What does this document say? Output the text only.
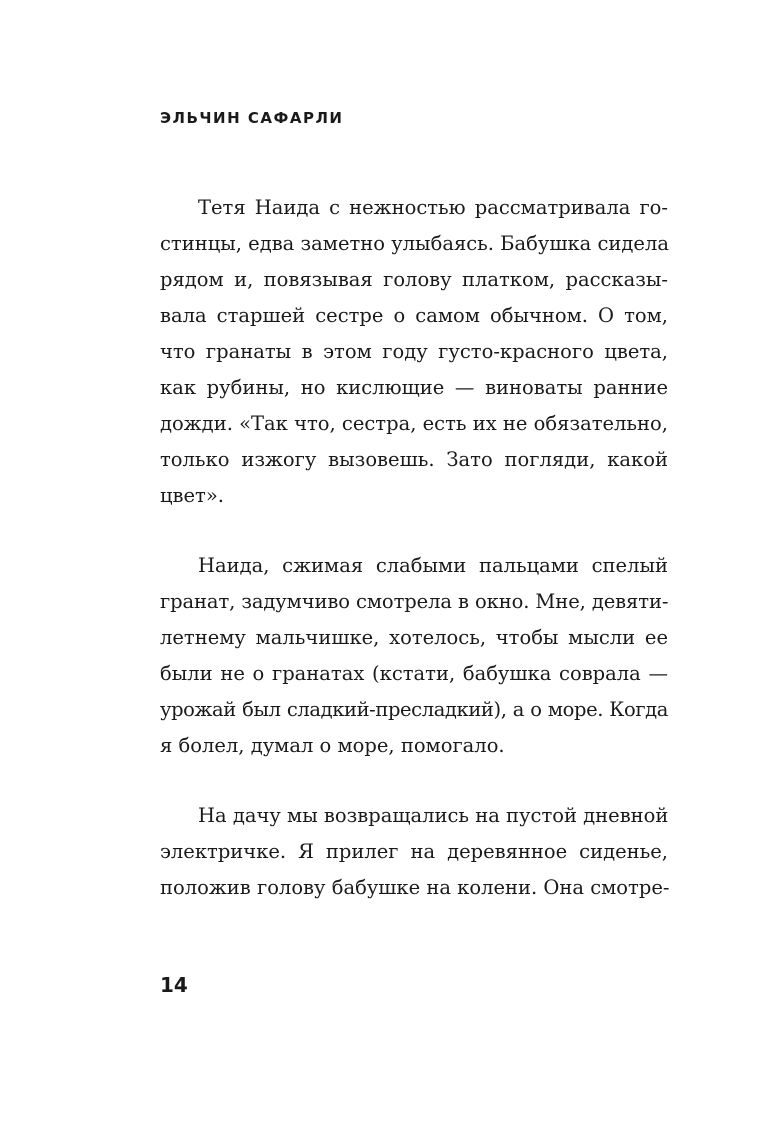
ЭЛЬЧИН САФАРЛИ
Тетя Наида с нежностью рассматривала го-
стинцы, едва заметно улыбаясь. Бабушка сидела
рядом и, повязывая голову платком, рассказы-
вала старшей сестре о самом обычном. О том,
что гранаты в этом году густо-красного цвета,
как рубины, но кислющие — виноваты ранние
дожди. «Так что, сестра, есть их не обязательно,
только изжогу вызовешь. Зато погляди, какой
цвет».
Наида, сжимая слабыми пальцами спелый
гранат, задумчиво смотрела в окно. Мне, девяти-
летнему мальчишке, хотелось, чтобы мысли ее
были не о гранатах (кстати, бабушка соврала —
урожай был сладкий-пресладкий), а о море. Когда
я болел, думал о море, помогало.
На дачу мы возвращались на пустой дневной
электричке. Я прилег на деревянное сиденье,
положив голову бабушке на колени. Она смотре-
14
